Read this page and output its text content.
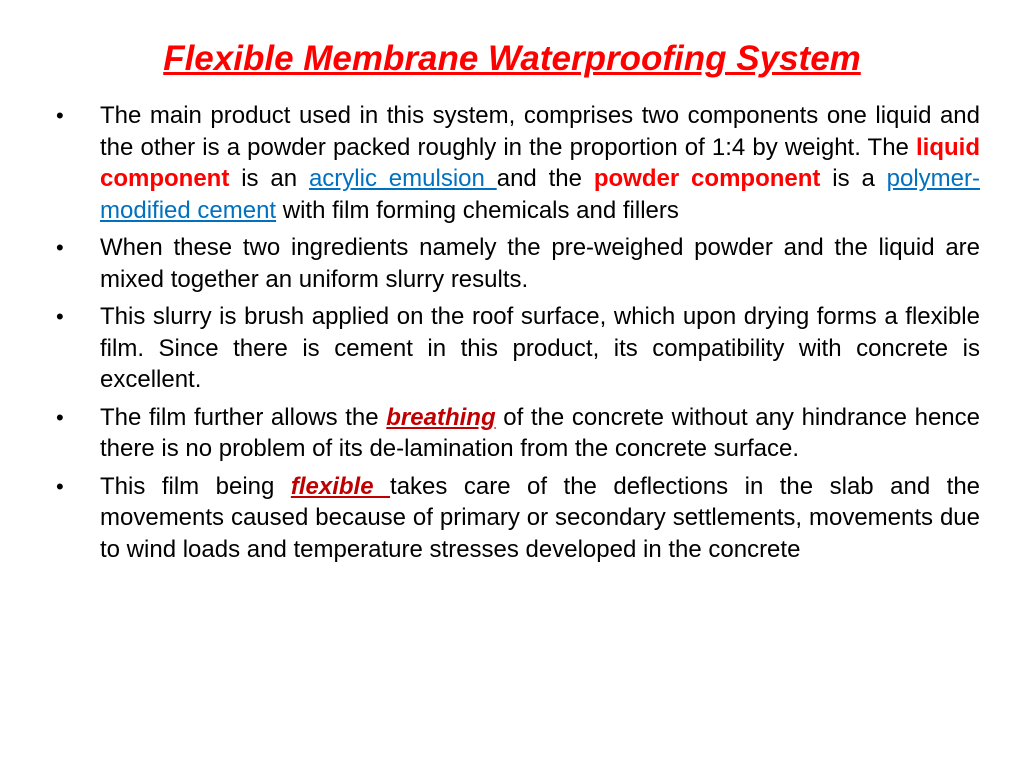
Flexible Membrane Waterproofing System
•	The main product used in this system, comprises two components one liquid and the other is a powder packed roughly in the proportion of 1:4 by weight. The liquid component is an acrylic emulsion and the powder component is a polymer-modified cement with film forming chemicals and fillers
•	When these two ingredients namely the pre-weighed powder and the liquid are mixed together an uniform slurry results.
•	This slurry is brush applied on the roof surface, which upon drying forms a flexible film. Since there is cement in this product, its compatibility with concrete is excellent.
•	The film further allows the breathing of the concrete without any hindrance hence there is no problem of its de-lamination from the concrete surface.
•	This film being flexible takes care of the deflections in the slab and the movements caused because of primary or secondary settlements, movements due to wind loads and temperature stresses developed in the concrete
